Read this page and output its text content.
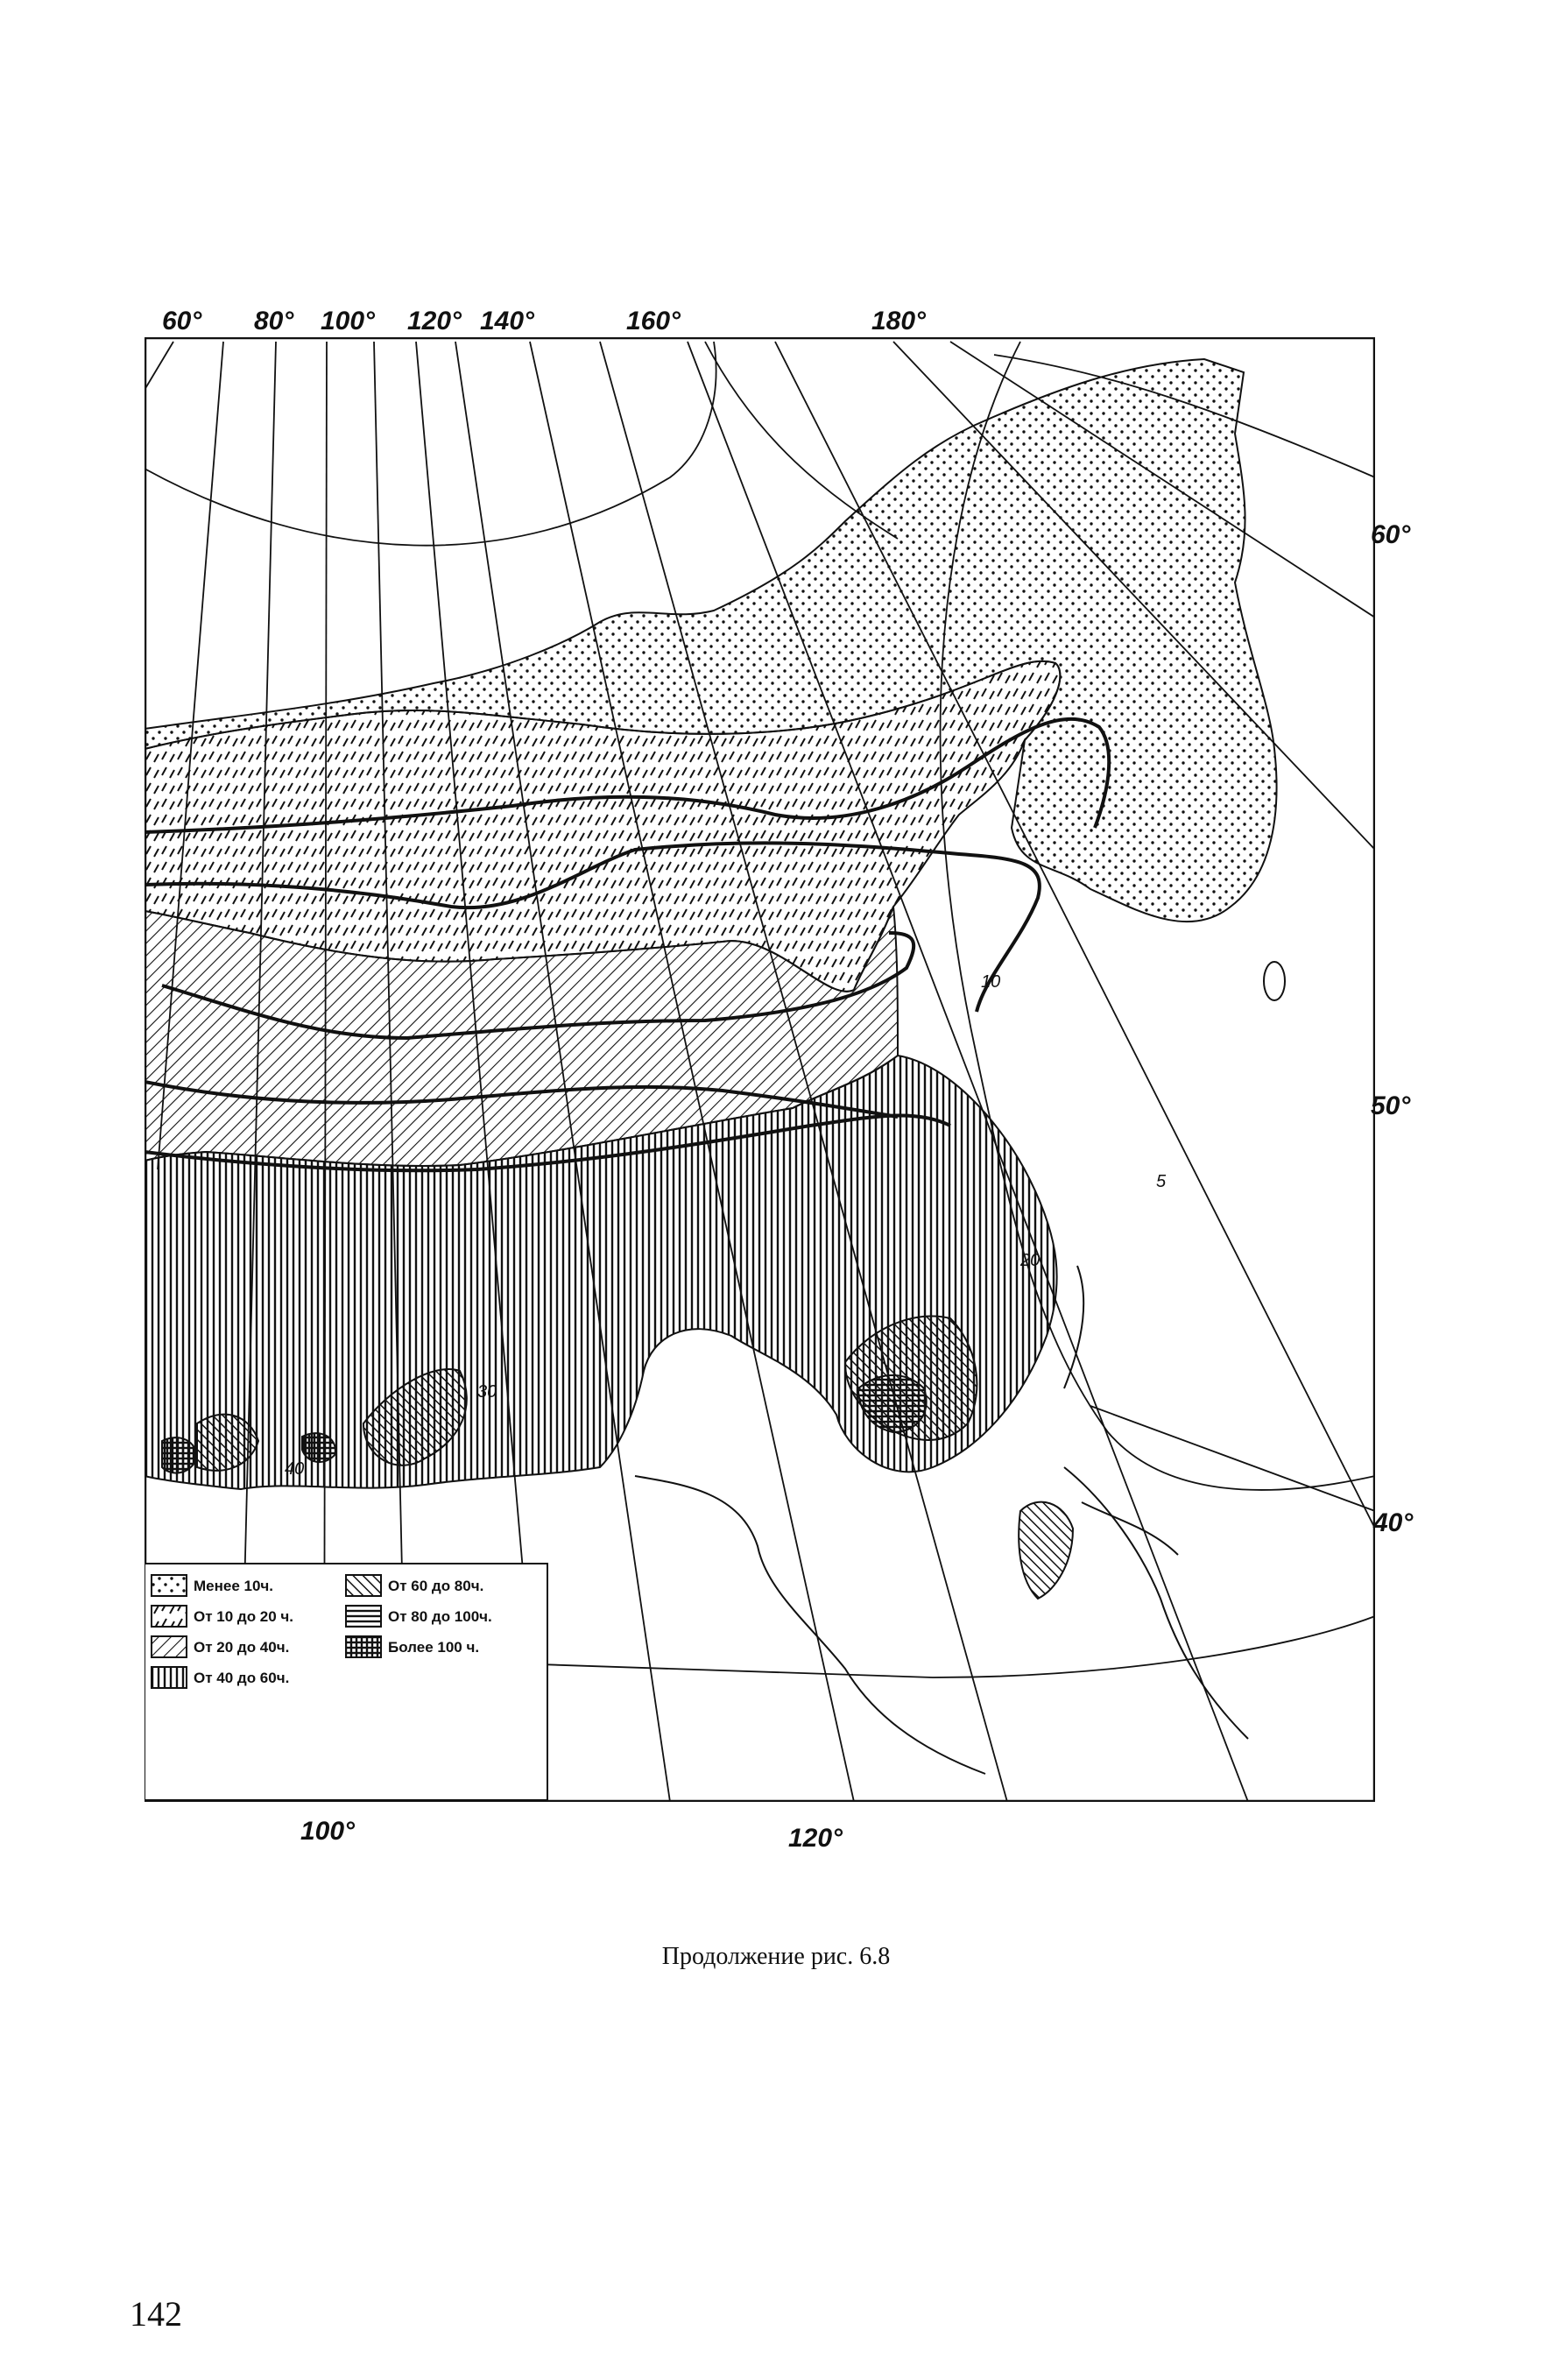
10
20
30
40
5
Менее 10ч.
От 10 до 20 ч.
От 20 до 40ч.
От 40 до 60ч.
От 60 до 80ч.
От 80 до 100ч.
Более 100 ч.
60° 80° 100° 120° 140°	160°	180°
60°
50°
40°
100°	120°
Продолжение рис. 6.8
142
